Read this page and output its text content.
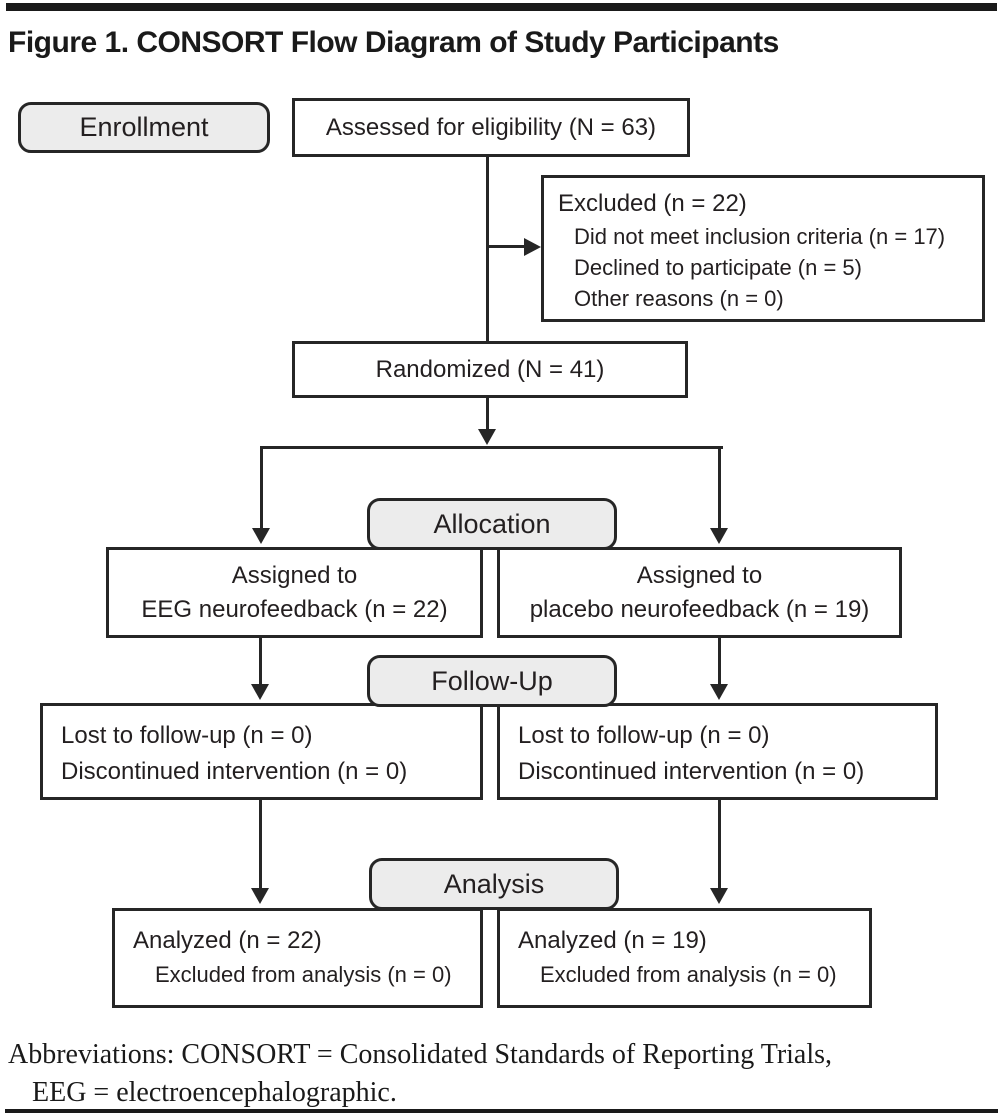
Figure 1. CONSORT Flow Diagram of Study Participants
Enrollment	Assessed for eligibility (N = 63)
Excluded (n = 22)
Did not meet inclusion criteria (n = 17)
Declined to participate (n = 5)
Other reasons (n = 0)
Randomized (N = 41)
Allocation
Assigned to
EEG neurofeedback (n = 22)
Assigned to
placebo neurofeedback (n = 19)
Follow-Up
Lost to follow-up (n = 0)
Discontinued intervention (n = 0)
Lost to follow-up (n = 0)
Discontinued intervention (n = 0)
Analysis
Analyzed (n = 22)
Excluded from analysis (n = 0)
Analyzed (n = 19)
Excluded from analysis (n = 0)
Abbreviations: CONSORT = Consolidated Standards of Reporting Trials,
EEG = electroencephalographic.
